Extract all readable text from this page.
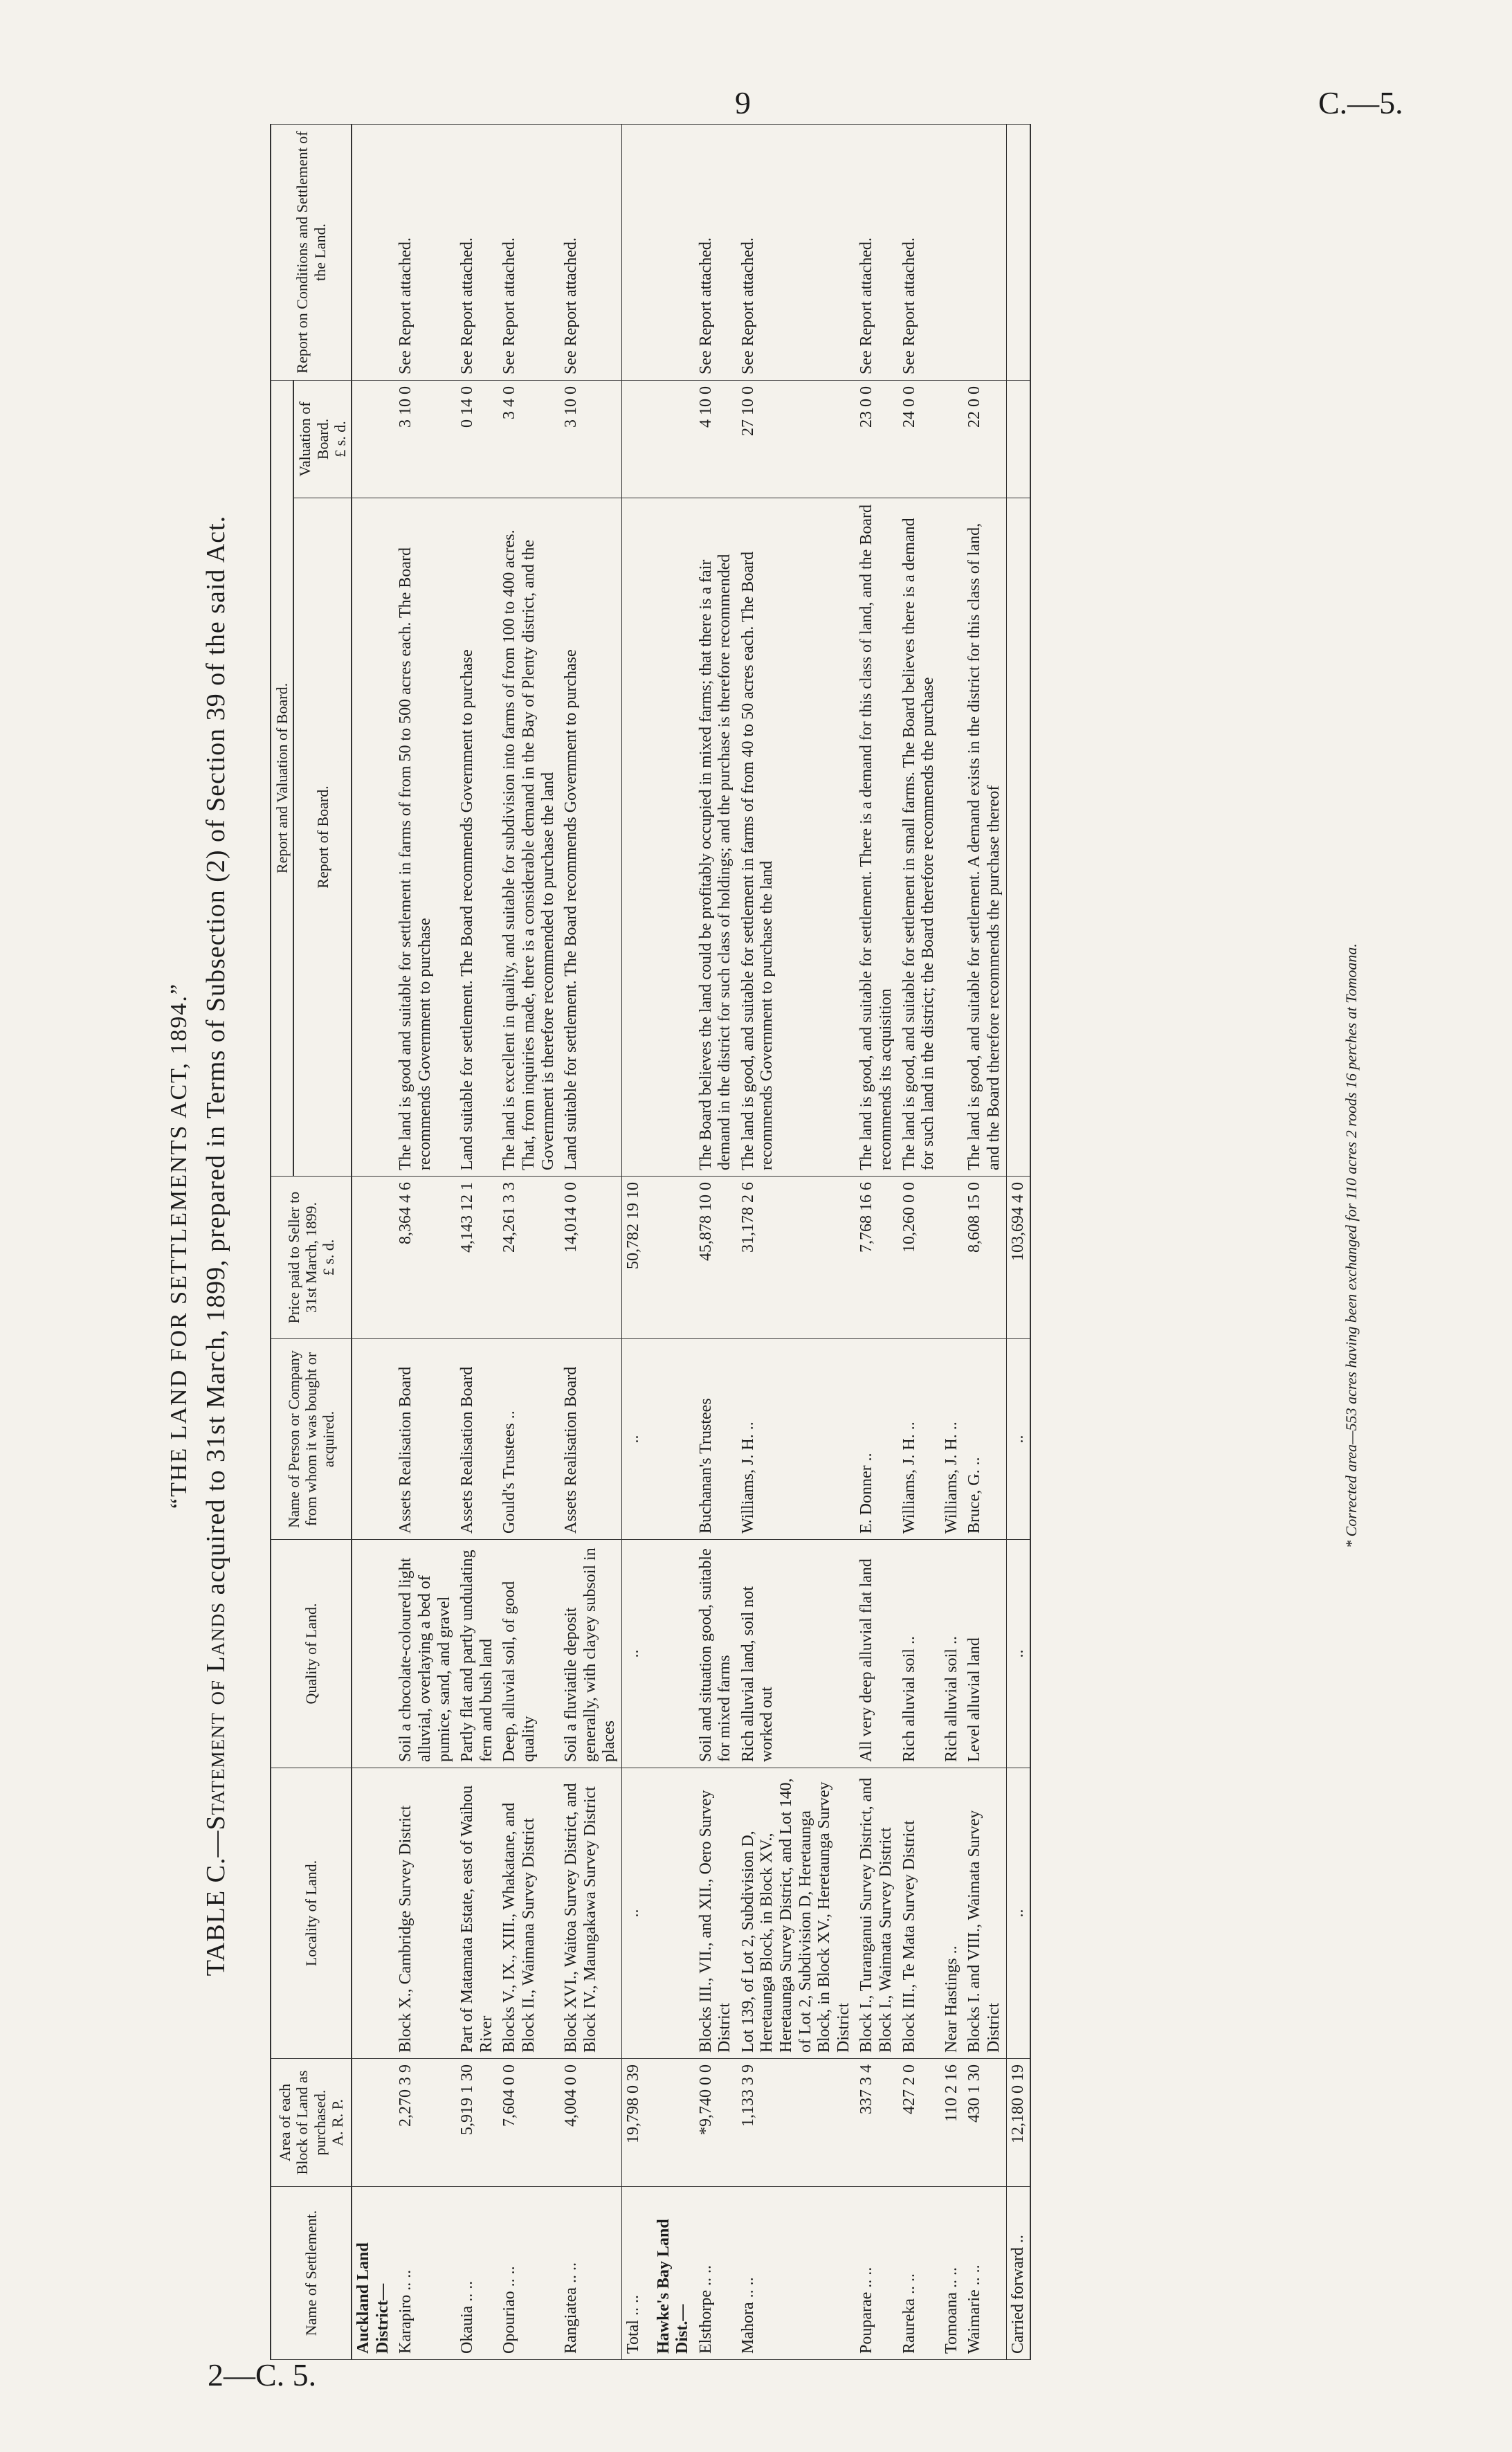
9	C.—5.
2—C. 5.
“THE LAND FOR SETTLEMENTS ACT, 1894.”
TABLE C.—Statement of Lands acquired to 31st March, 1899, prepared in Terms of Subsection (2) of Section 39 of the said Act.
Name of Settlement.	Area of each Block of Land as purchased.
A. R. P.	Locality of Land.	Quality of Land.	Name of Person or Company from whom it was bought or acquired.	Price paid to Seller to 31st March, 1899.
£ s. d.	Report and Valuation of Board.		Report on Conditions and Settlement of the Land.
						Report of Board.	Valuation of Board.
£ s. d.	
Auckland Land District—								
Karapiro .. ..	2,270 3 9	Block X., Cambridge Survey District	Soil a chocolate-coloured light alluvial, overlaying a bed of pumice, sand, and gravel	Assets Realisation Board	8,364 4 6	The land is good and suitable for settlement in farms of from 50 to 500 acres each. The Board recommends Government to purchase	3 10 0	See Report attached.
Okauia .. ..	5,919 1 30	Part of Matamata Estate, east of Waihou River	Partly flat and partly undulating fern and bush land	Assets Realisation Board	4,143 12 1	Land suitable for settlement. The Board recommends Government to purchase	0 14 0	See Report attached.
Opouriao .. ..	7,604 0 0	Blocks V., IX., XIII., Whakatane, and Block II., Waimana Survey District	Deep, alluvial soil, of good quality	Gould's Trustees ..	24,261 3 3	The land is excellent in quality, and suitable for subdivision into farms of from 100 to 400 acres. That, from inquiries made, there is a considerable demand in the Bay of Plenty district, and the Government is therefore recommended to purchase the land	3 4 0	See Report attached.
Rangiatea .. ..	4,004 0 0	Block XVI., Waitoa Survey District, and Block IV., Maungakawa Survey District	Soil a fluviatile deposit generally, with clayey subsoil in places	Assets Realisation Board	14,014 0 0	Land suitable for settlement. The Board recommends Government to purchase	3 10 0	See Report attached.
Total .. ..	19,798 0 39	..	..	..	50,782 19 10			

Hawke's Bay Land Dist.—								
Elsthorpe .. ..	*9,740 0 0	Blocks III., VII., and XII., Oero Survey District	Soil and situation good, suitable for mixed farms	Buchanan's Trustees	45,878 10 0	The Board believes the land could be profitably occupied in mixed farms; that there is a fair demand in the district for such class of holdings; and the purchase is therefore recommended	4 10 0	See Report attached.
Mahora .. ..	1,133 3 9	Lot 139, of Lot 2, Subdivision D, Heretaunga Block, in Block XV., Heretaunga Survey District, and Lot 140, of Lot 2, Subdivision D, Heretaunga Block, in Block XV., Heretaunga Survey District	Rich alluvial land, soil not worked out	Williams, J. H. ..	31,178 2 6	The land is good, and suitable for settlement in farms of from 40 to 50 acres each. The Board recommends Government to purchase the land	27 10 0	See Report attached.
Pouparae .. ..	337 3 4	Block I., Turanganui Survey District, and Block I., Waimata Survey District	All very deep alluvial flat land	E. Donner ..	7,768 16 6	The land is good, and suitable for settlement. There is a demand for this class of land, and the Board recommends its acquisition	23 0 0	See Report attached.
Raureka .. ..	427 2 0	Block III., Te Mata Survey District	Rich alluvial soil ..	Williams, J. H. ..	10,260 0 0	The land is good, and suitable for settlement in small farms. The Board believes there is a demand for such land in the district; the Board therefore recommends the purchase	24 0 0	See Report attached.
Tomoana .. ..	110 2 16	Near Hastings ..	Rich alluvial soil ..	Williams, J. H. ..				
Waimarie .. ..	430 1 30	Blocks I. and VIII., Waimata Survey District	Level alluvial land	Bruce, G. ..	8,608 15 0	The land is good, and suitable for settlement. A demand exists in the district for this class of land, and the Board therefore recommends the purchase thereof	22 0 0	
Carried forward ..	12,180 0 19	..	..	..	103,694 4 0				* Corrected area—553 acres having been exchanged for 110 acres 2 roods 16 perches at Tomoana.
